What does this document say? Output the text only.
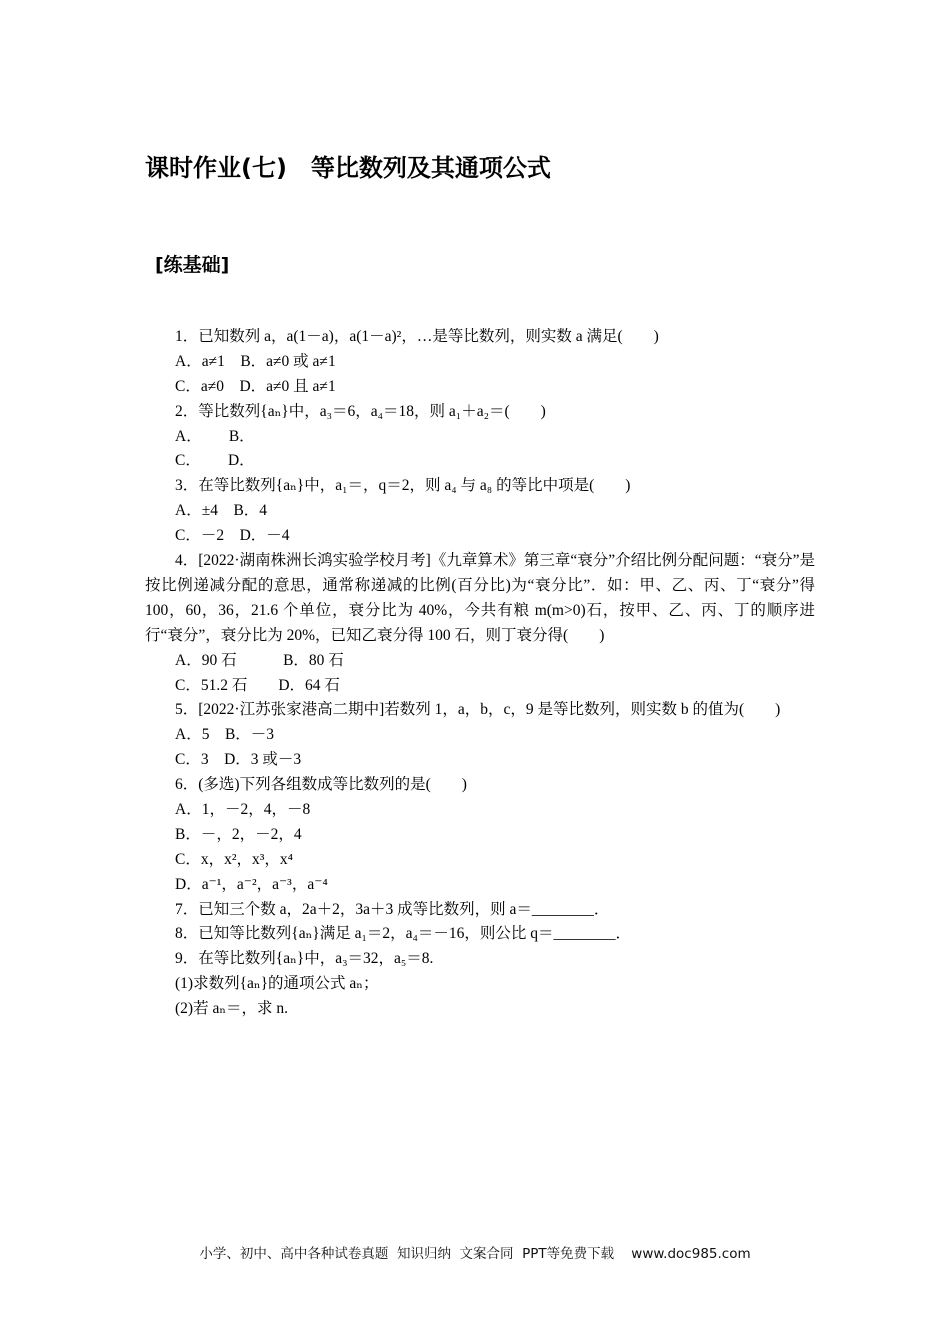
课时作业(七)　等比数列及其通项公式
[练基础]
1．已知数列 a，a(1－a)，a(1－a)²，…是等比数列，则实数 a 满足(　　)
A．a≠1　B．a≠0 或 a≠1
C．a≠0　D．a≠0 且 a≠1
2．等比数列{aₙ}中，a₃＝6，a₄＝18，则 a₁＋a₂＝(　　)
A．　　 B．
C．　　 D．
3．在等比数列{aₙ}中，a₁＝，q＝2，则 a₄ 与 a₈ 的等比中项是(　　)
A．±4　B．4
C．－2　D．－4
4．[2022·湖南株洲长鸿实验学校月考]《九章算术》第三章“衰分”介绍比例分配问题：“衰分”是按比例递减分配的意思，通常称递减的比例(百分比)为“衰分比”．如：甲、乙、丙、丁“衰分”得 100，60，36，21.6 个单位，衰分比为 40%，今共有粮 m(m>0)石，按甲、乙、丙、丁的顺序进行“衰分”，衰分比为 20%，已知乙衰分得 100 石，则丁衰分得(　　)
A．90 石　　　B．80 石
C．51.2 石　　D．64 石
5．[2022·江苏张家港高二期中]若数列 1，a，b，c，9 是等比数列，则实数 b 的值为(　　)
A．5　B．－3
C．3　D．3 或－3
6．(多选)下列各组数成等比数列的是(　　)
A．1，－2，4，－8
B．－，2，－2，4
C．x，x²，x³，x⁴
D．a⁻¹，a⁻²，a⁻³，a⁻⁴
7．已知三个数 a，2a＋2，3a＋3 成等比数列，则 a＝________．
8．已知等比数列{aₙ}满足 a₁＝2，a₄＝－16，则公比 q＝________．
9．在等比数列{aₙ}中，a₃＝32，a₅＝8.
(1)求数列{aₙ}的通项公式 aₙ；
(2)若 aₙ＝，求 n.
小学、初中、高中各种试卷真题  知识归纳  文案合同  PPT等免费下载    www.doc985.com
